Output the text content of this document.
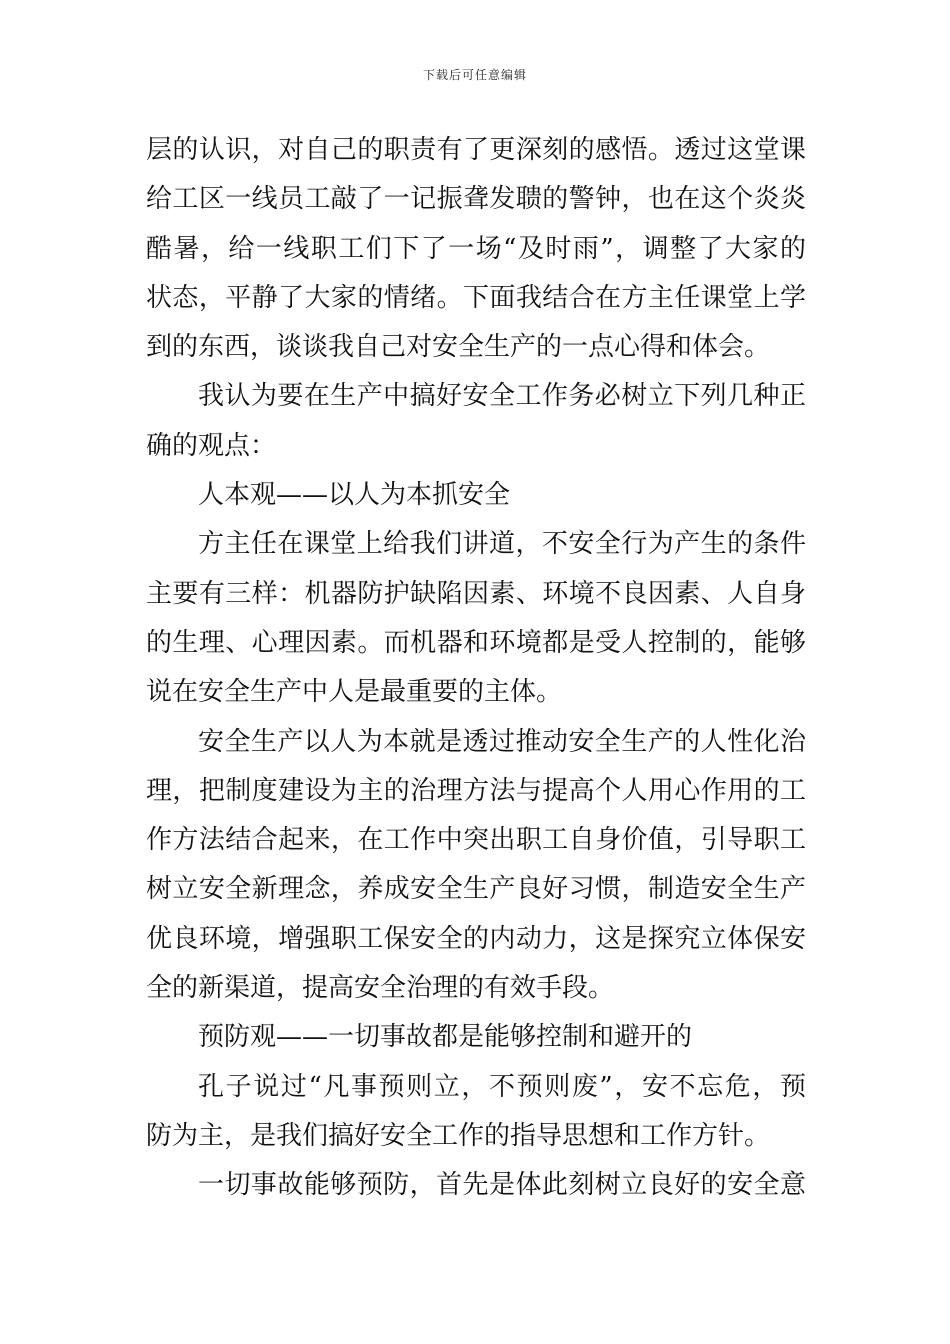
下载后可任意编辑
层的认识，对自己的职责有了更深刻的感悟。透过这堂课
给工区一线员工敲了一记振聋发聩的警钟，也在这个炎炎
酷暑，给一线职工们下了一场“及时雨”，调整了大家的
状态，平静了大家的情绪。下面我结合在方主任课堂上学
到的东西，谈谈我自己对安全生产的一点心得和体会。
我认为要在生产中搞好安全工作务必树立下列几种正
确的观点：
人本观——以人为本抓安全
方主任在课堂上给我们讲道，不安全行为产生的条件
主要有三样：机器防护缺陷因素、环境不良因素、人自身
的生理、心理因素。而机器和环境都是受人控制的，能够
说在安全生产中人是最重要的主体。
安全生产以人为本就是透过推动安全生产的人性化治
理，把制度建设为主的治理方法与提高个人用心作用的工
作方法结合起来，在工作中突出职工自身价值，引导职工
树立安全新理念，养成安全生产良好习惯，制造安全生产
优良环境，增强职工保安全的内动力，这是探究立体保安
全的新渠道，提高安全治理的有效手段。
预防观——一切事故都是能够控制和避开的
孔子说过“凡事预则立，不预则废”，安不忘危，预
防为主，是我们搞好安全工作的指导思想和工作方针。
一切事故能够预防，首先是体此刻树立良好的安全意
